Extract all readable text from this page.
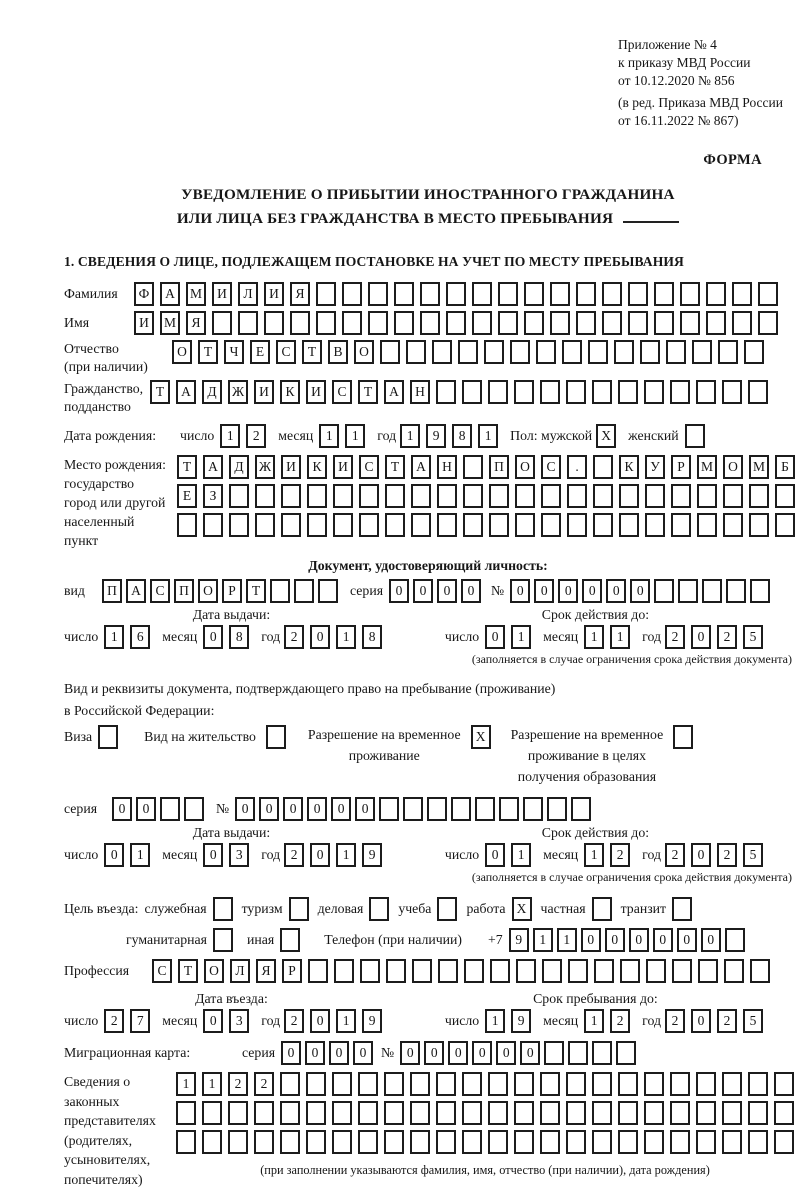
Приложение № 4

к приказу МВД России

от 10.12.2020 № 856

(в ред. Приказа МВД России

от 16.11.2022 № 867)

ФОРМА
УВЕДОМЛЕНИЕ О ПРИБЫТИИ ИНОСТРАННОГО ГРАЖДАНИНА
ИЛИ ЛИЦА БЕЗ ГРАЖДАНСТВА В МЕСТО ПРЕБЫВАНИЯ
1. СВЕДЕНИЯ О ЛИЦЕ, ПОДЛЕЖАЩЕМ ПОСТАНОВКЕ НА УЧЕТ ПО МЕСТУ ПРЕБЫВАНИЯ
Фамилия	Ф	А	М	И	Л	И	Я
Имя	И	М	Я
Отчество
(при наличии)
О	Т	Ч	Е	С	Т	В	О
Гражданство,
подданство
Т	А	Д	Ж	И	К	И	С	Т	А	Н
Дата рождения:	число 1	2	месяц 1	1	год 1	9	8	1	Пол: мужской X	женский
Место рождения:
государство
город или другой
населенный пункт
Т	А	Д	Ж	И	К	И	С	Т	А	Н	П	О	С	.	К	У	Р	М	О	М	Б
Е	З
Документ, удостоверяющий личность:
вид	П	А	С	П	О	Р	Т	серия 0	0	0	0	№ 0	0	0	0	0	0
Дата выдачи:
число 1	6	месяц 0	8	год 2	0	1	8
Срок действия до:
число 0	1	месяц 1	1	год 2	0	2	5
(заполняется в случае ограничения срока действия документа)

Вид и реквизиты документа, подтверждающего право на пребывание (проживание)

в Российской Федерации:

Виза	Вид на жительство	Разрешение на временное
проживание
X	Разрешение на временное
проживание в целях
получения образования
серия	0	0	№ 0	0	0	0	0	0
Дата выдачи:
число 0	1	месяц 0	3	год 2	0	1	9
Срок действия до:
число 0	1	месяц 1	2	год 2	0	2	5
(заполняется в случае ограничения срока действия документа)
Цель въезда: служебная	туризм	деловая	учеба	работа X	частная	транзит
гуманитарная	иная	Телефон (при наличии) +7 9	1	1	0	0	0	0	0	0
Профессия	С	Т	О	Л	Я	Р
Дата въезда:
число 2	7	месяц 0	3	год 2	0	1	9
Срок пребывания до:
число 1	9	месяц 1	2	год 2	0	2	5
Миграционная карта:	серия 0	0	0	0	№ 0	0	0	0	0	0
Сведения о
законных
представителях
(родителях,
усыновителях,
попечителях)
1	1	2	2
(при заполнении указываются фамилия, имя, отчество (при наличии), дата рождения)
